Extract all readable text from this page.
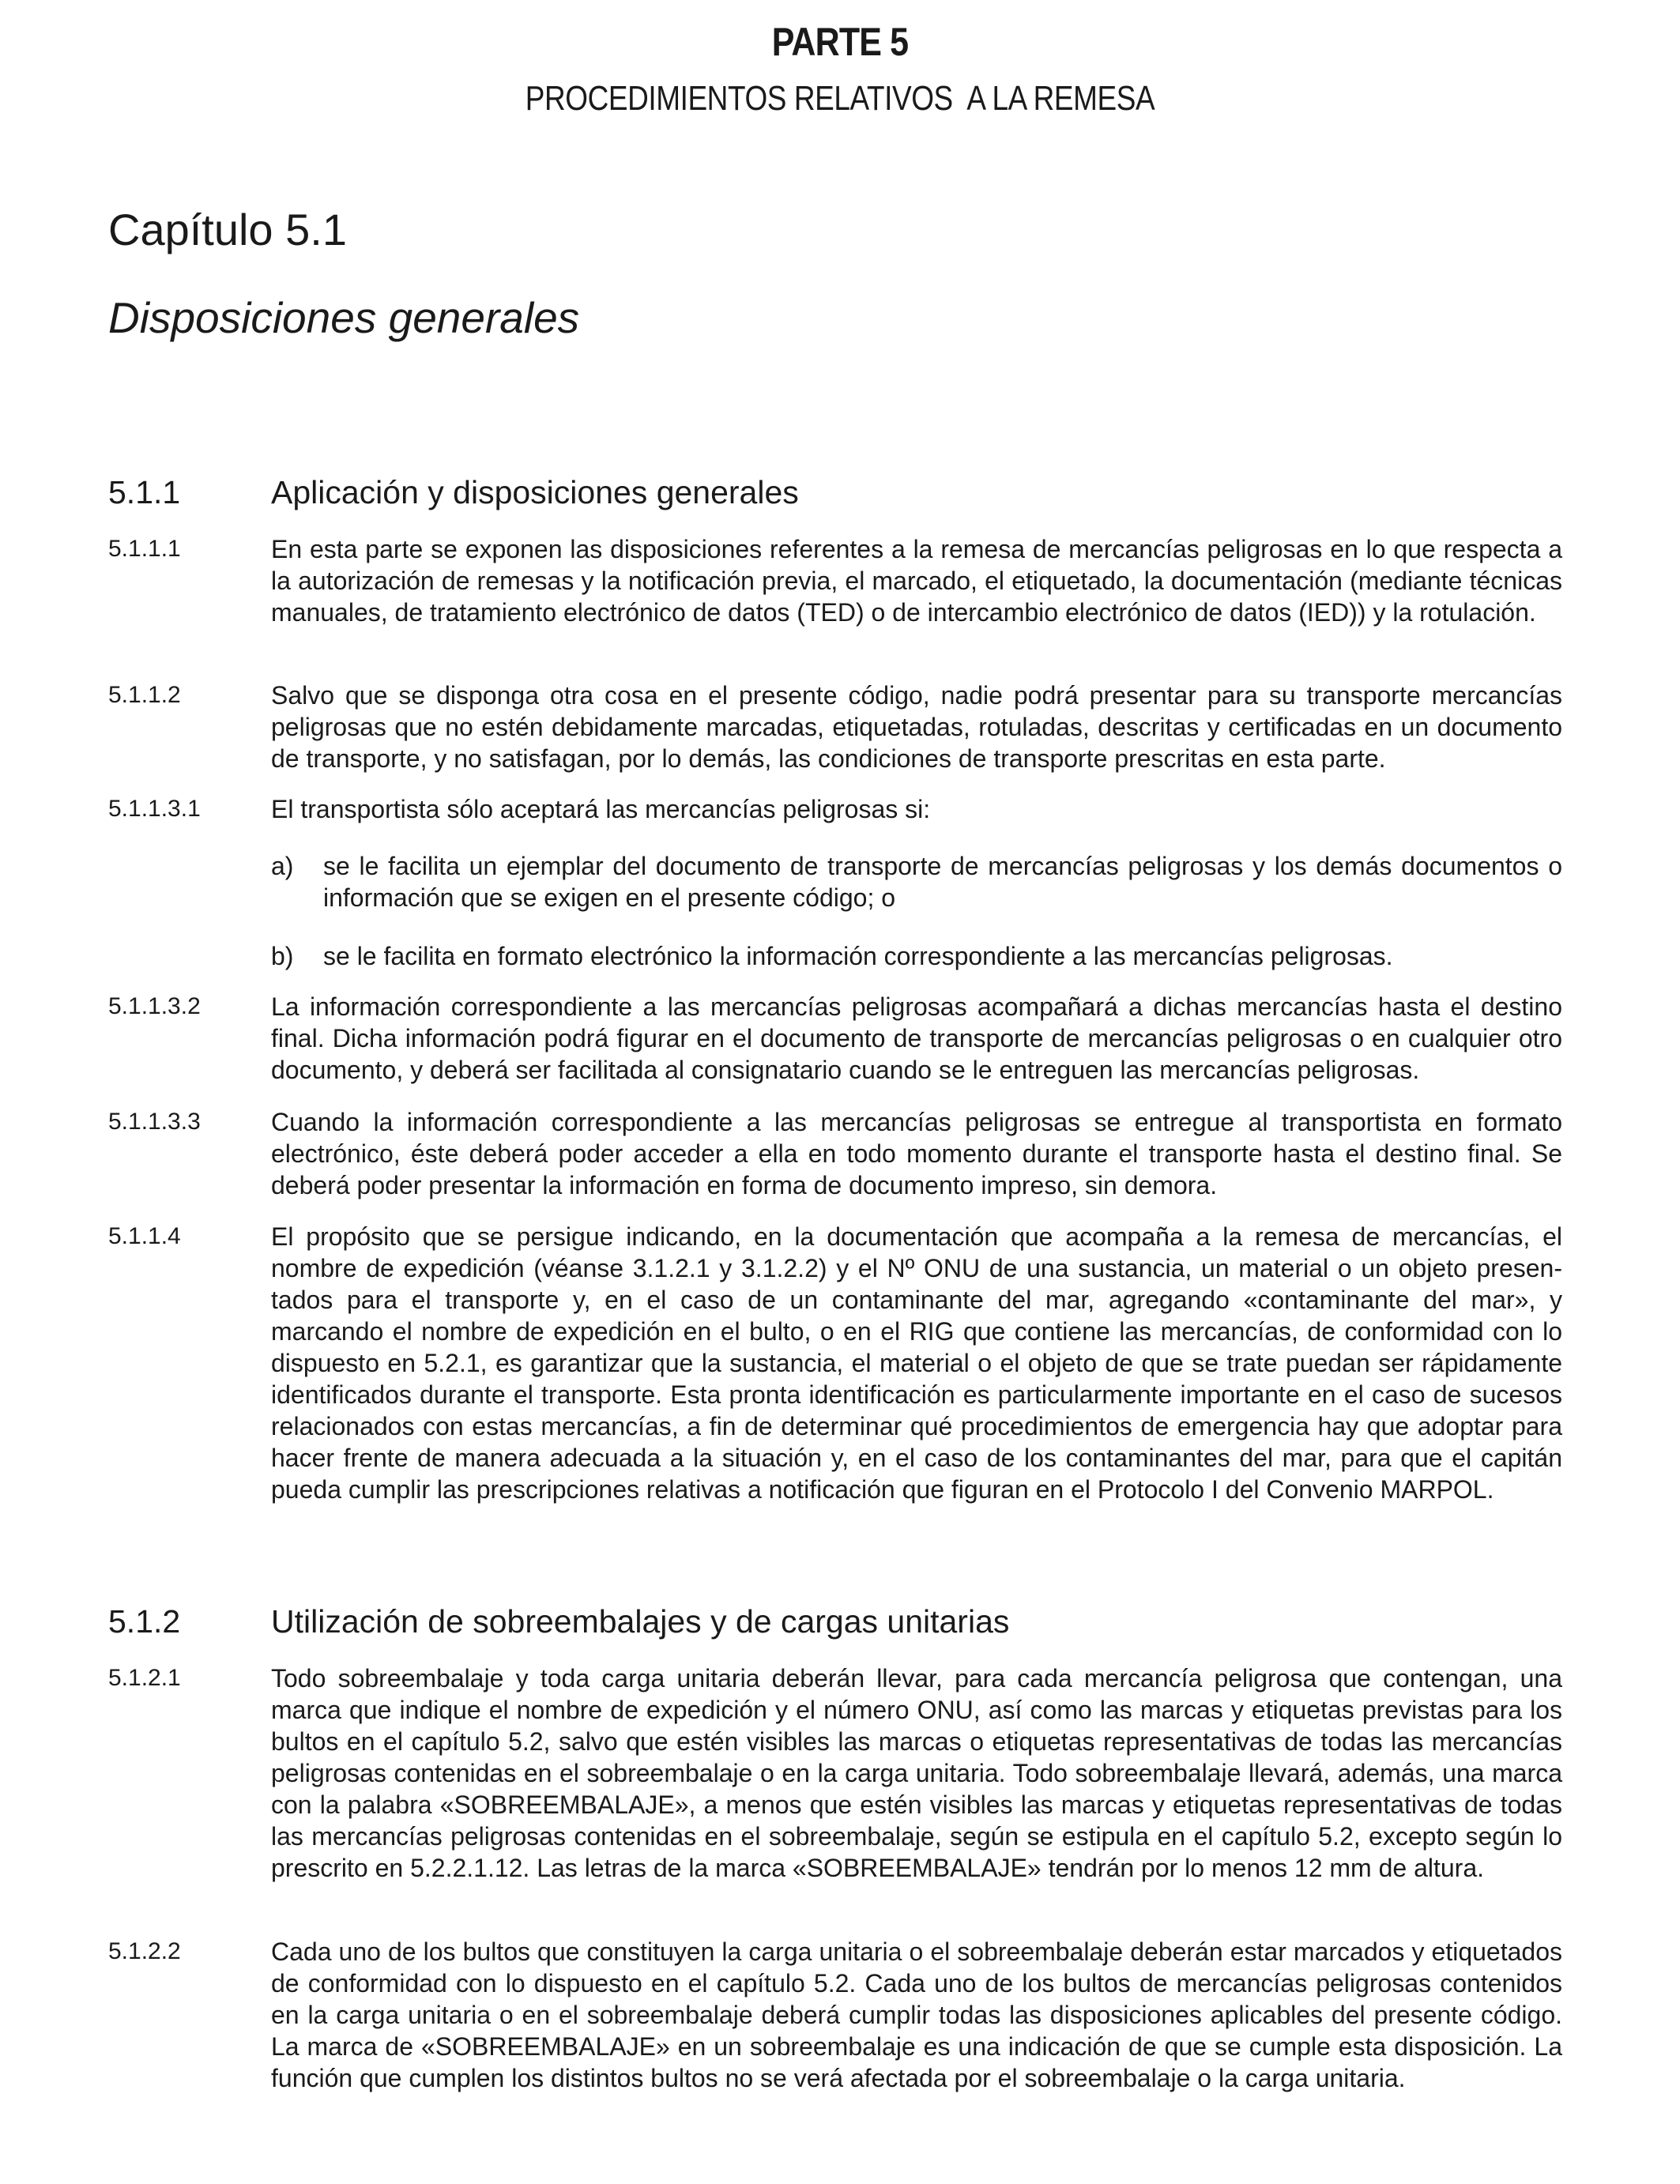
PARTE 5
PROCEDIMIENTOS RELATIVOS  A LA REMESA
Capítulo 5.1
Disposiciones generales
5.1.1	Aplicación y disposiciones generales
5.1.1.1	En esta parte se exponen las disposiciones referentes a la remesa de mercancías peligrosas en lo que respecta a la autorización de remesas y la notificación previa, el marcado, el etiquetado, la documentación (mediante técnicas manuales, de tratamiento electrónico de datos (TED) o de intercambio electrónico de datos (IED)) y la rotulación.
5.1.1.2	Salvo que se disponga otra cosa en el presente código, nadie podrá presentar para su transporte mercancías peligrosas que no estén debidamente marcadas, etiquetadas, rotuladas, descritas y certificadas en un documento de transporte, y no satisfagan, por lo demás, las condiciones de transporte prescritas en esta parte.
5.1.1.3.1	El transportista sólo aceptará las mercancías peligrosas si:
a)	se le facilita un ejemplar del documento de transporte de mercancías peligrosas y los demás documentos o información que se exigen en el presente código; o
b)	se le facilita en formato electrónico la información correspondiente a las mercancías peligrosas.
5.1.1.3.2	La información correspondiente a las mercancías peligrosas acompañará a dichas mercancías hasta el destino final. Dicha información podrá figurar en el documento de transporte de mercancías peligrosas o en cualquier otro documento, y deberá ser facilitada al consignatario cuando se le entreguen las mercancías peligrosas.
5.1.1.3.3	Cuando la información correspondiente a las mercancías peligrosas se entregue al transportista en formato electrónico, éste deberá poder acceder a ella en todo momento durante el transporte hasta el destino final. Se deberá poder presentar la información en forma de documento impreso, sin demora.
5.1.1.4	El propósito que se persigue indicando, en la documentación que acompaña a la remesa de mercancías, el nombre de expedición (véanse 3.1.2.1 y 3.1.2.2) y el Nº ONU de una sustancia, un material o un objeto presentados para el transporte y, en el caso de un contaminante del mar, agregando «contaminante del mar», y marcando el nombre de expedición en el bulto, o en el RIG que contiene las mercancías, de conformidad con lo dispuesto en 5.2.1, es garantizar que la sustancia, el material o el objeto de que se trate puedan ser rápidamente identificados durante el transporte. Esta pronta identificación es particularmente importante en el caso de sucesos relacionados con estas mercancías, a fin de determinar qué procedimientos de emergencia hay que adoptar para hacer frente de manera adecuada a la situación y, en el caso de los contaminantes del mar, para que el capitán pueda cumplir las prescripciones relativas a notificación que figuran en el Protocolo I del Convenio MARPOL.
5.1.2	Utilización de sobreembalajes y de cargas unitarias
5.1.2.1	Todo sobreembalaje y toda carga unitaria deberán llevar, para cada mercancía peligrosa que contengan, una marca que indique el nombre de expedición y el número ONU, así como las marcas y etiquetas previstas para los bultos en el capítulo 5.2, salvo que estén visibles las marcas o etiquetas representativas de todas las mercancías peligrosas contenidas en el sobreembalaje o en la carga unitaria. Todo sobreembalaje llevará, además, una marca con la palabra «SOBREEMBALAJE», a menos que estén visibles las marcas y etiquetas representativas de todas las mercancías peligrosas contenidas en el sobreembalaje, según se estipula en el capítulo 5.2, excepto según lo prescrito en 5.2.2.1.12. Las letras de la marca «SOBREEMBALAJE» tendrán por lo menos 12 mm de altura.
5.1.2.2	Cada uno de los bultos que constituyen la carga unitaria o el sobreembalaje deberán estar marcados y etiquetados de conformidad con lo dispuesto en el capítulo 5.2. Cada uno de los bultos de mercancías peligrosas contenidos en la carga unitaria o en el sobreembalaje deberá cumplir todas las disposiciones aplicables del presente código. La marca de «SOBREEMBALAJE» en un sobreembalaje es una indicación de que se cumple esta disposición. La función que cumplen los distintos bultos no se verá afectada por el sobreembalaje o la carga unitaria.
